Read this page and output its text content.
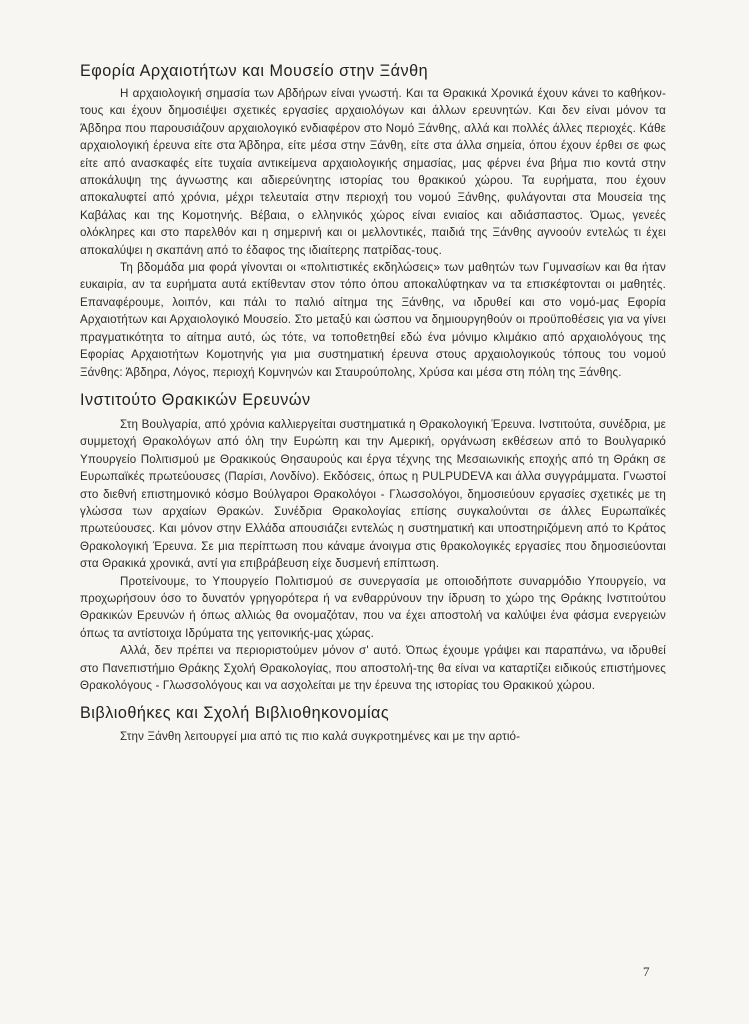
Εφορία Αρχαιοτήτων και Μουσείο στην Ξάνθη

Η αρχαιολογική σημασία των Αβδήρων είναι γνωστή. Και τα Θρακικά Χρονικά έχουν κάνει το καθήκον-τους και έχουν δημοσιέψει σχετικές εργασίες αρχαιολόγων και άλλων ερευνητών. Και δεν είναι μόνον τα Άβδηρα που παρουσιάζουν αρχαιολογικό ενδιαφέρον στο Νομό Ξάνθης, αλλά και πολλές άλλες περιοχές. Κάθε αρχαιολογική έρευνα είτε στα Άβδηρα, είτε μέσα στην Ξάνθη, είτε στα άλλα σημεία, όπου έχουν έρθει σε φως είτε από ανασκαφές είτε τυχαία αντικείμενα αρχαιολογικής σημασίας, μας φέρνει ένα βήμα πιο κοντά στην αποκάλυψη της άγνωστης και αδιερεύνητης ιστορίας του θρακικού χώρου. Τα ευρήματα, που έχουν αποκαλυφτεί από χρόνια, μέχρι τελευταία στην περιοχή του νομού Ξάνθης, φυλάγονται στα Μουσεία της Καβάλας και της Κομοτηνής. Βέβαια, ο ελληνικός χώρος είναι ενιαίος και αδιάσπαστος. Όμως, γενεές ολόκληρες και στο παρελθόν και η σημερινή και οι μελλοντικές, παιδιά της Ξάνθης αγνοούν εντελώς τι έχει αποκαλύψει η σκαπάνη από το έδαφος της ιδιαίτερης πατρίδας-τους.

Τη βδομάδα μια φορά γίνονται οι «πολιτιστικές εκδηλώσεις» των μαθητών των Γυμνασίων και θα ήταν ευκαιρία, αν τα ευρήματα αυτά εκτίθενταν στον τόπο όπου αποκαλύφτηκαν να τα επισκέφτονται οι μαθητές. Επαναφέρουμε, λοιπόν, και πάλι το παλιό αίτημα της Ξάνθης, να ιδρυθεί και στο νομό-μας Εφορία Αρχαιοτήτων και Αρχαιολογικό Μουσείο. Στο μεταξύ και ώσπου να δημιουργηθούν οι προϋποθέσεις για να γίνει πραγματικότητα το αίτημα αυτό, ώς τότε, να τοποθετηθεί εδώ ένα μόνιμο κλιμάκιο από αρχαιολόγους της Εφορίας Αρχαιοτήτων Κομοτηνής για μια συστηματική έρευνα στους αρχαιολογικούς τόπους του νομού Ξάνθης: Άβδηρα, Λόγος, περιοχή Κομνηνών και Σταυρούπολης, Χρύσα και μέσα στη πόλη της Ξάνθης.

Ινστιτούτο Θρακικών Ερευνών

Στη Βουλγαρία, από χρόνια καλλιεργείται συστηματικά η Θρακολογική Έρευνα. Ινστιτούτα, συνέδρια, με συμμετοχή Θρακολόγων από όλη την Ευρώπη και την Αμερική, οργάνωση εκθέσεων από το Βουλγαρικό Υπουργείο Πολιτισμού με Θρακικούς Θησαυρούς και έργα τέχνης της Μεσαιωνικής εποχής από τη Θράκη σε Ευρωπαϊκές πρωτεύουσες (Παρίσι, Λονδίνο). Εκδόσεις, όπως η PULPUDEVA και άλλα συγγράμματα. Γνωστοί στο διεθνή επιστημονικό κόσμο Βούλγαροι Θρακολόγοι - Γλωσσολόγοι, δημοσιεύουν εργασίες σχετικές με τη γλώσσα των αρχαίων Θρακών. Συνέδρια Θρακολογίας επίσης συγκαλούνται σε άλλες Ευρωπαϊκές πρωτεύουσες. Και μόνον στην Ελλάδα απουσιάζει εντελώς η συστηματική και υποστηριζόμενη από το Κράτος Θρακολογική Έρευνα. Σε μια περίπτωση που κάναμε άνοιγμα στις θρακολογικές εργασίες που δημοσιεύονται στα Θρακικά χρονικά, αντί για επιβράβευση είχε δυσμενή επίπτωση.

Προτείνουμε, το Υπουργείο Πολιτισμού σε συνεργασία με οποιοδήποτε συναρμόδιο Υπουργείο, να προχωρήσουν όσο το δυνατόν γρηγορότερα ή να ενθαρρύνουν την ίδρυση το χώρο της Θράκης Ινστιτούτου Θρακικών Ερευνών ή όπως αλλιώς θα ονομαζόταν, που να έχει αποστολή να καλύψει ένα φάσμα ενεργειών όπως τα αντίστοιχα Ιδρύματα της γειτονικής-μας χώρας.

Αλλά, δεν πρέπει να περιοριστούμεν μόνον σ' αυτό. Όπως έχουμε γράψει και παραπάνω, να ιδρυθεί στο Πανεπιστήμιο Θράκης Σχολή Θρακολογίας, που αποστολή-της θα είναι να καταρτίζει ειδικούς επιστήμονες Θρακολόγους - Γλωσσολόγους και να ασχολείται με την έρευνα της ιστορίας του Θρακικού χώρου.

Βιβλιοθήκες και Σχολή Βιβλιοθηκονομίας

Στην Ξάνθη λειτουργεί μια από τις πιο καλά συγκροτημένες και με την αρτιό-

7
